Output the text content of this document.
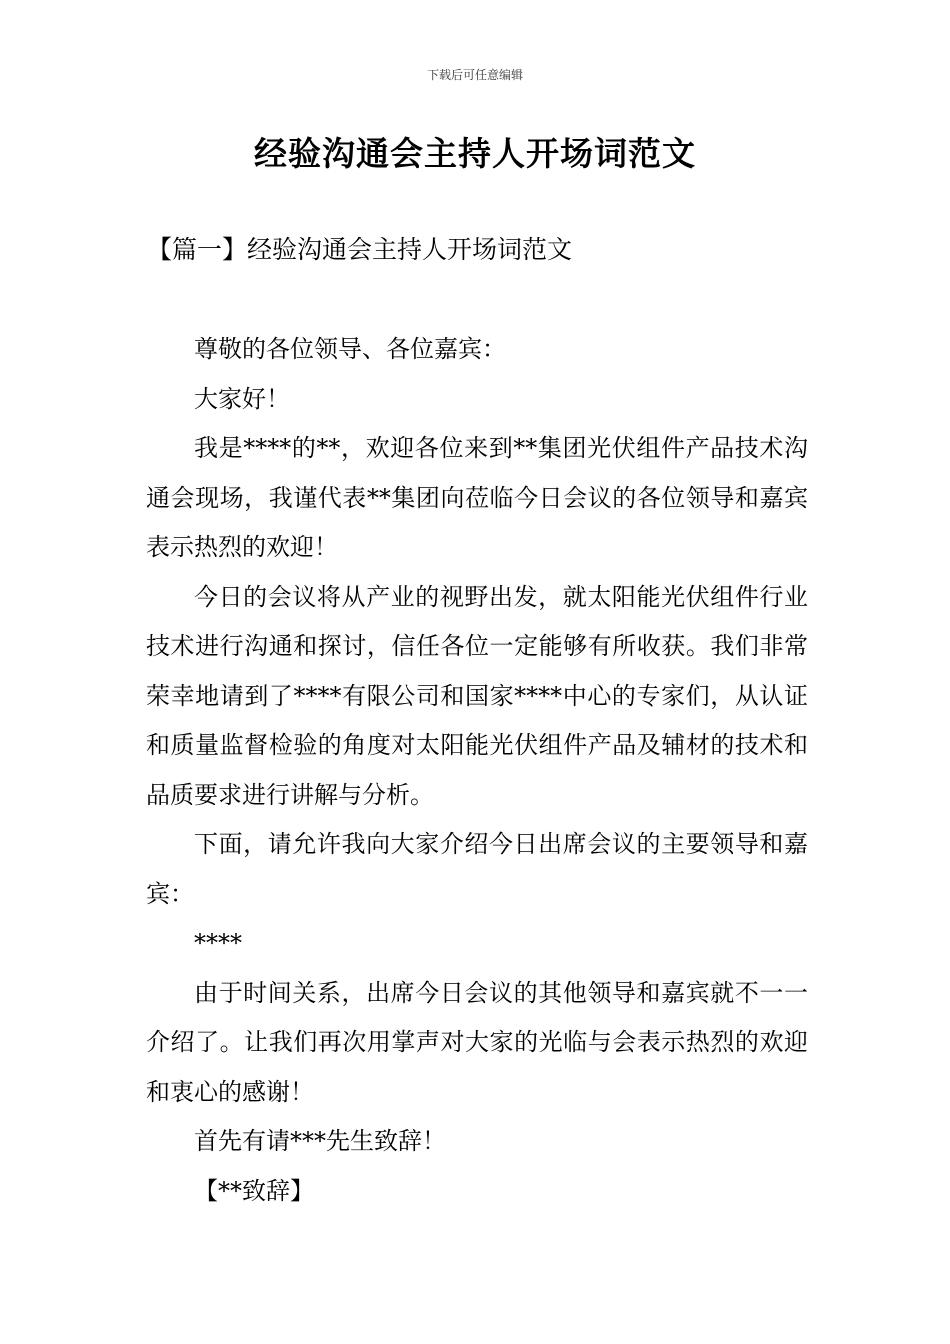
下载后可任意编辑
经验沟通会主持人开场词范文
【篇一】经验沟通会主持人开场词范文

尊敬的各位领导、各位嘉宾：

大家好！

我是****的**，欢迎各位来到**集团光伏组件产品技术沟通会现场，我谨代表**集团向莅临今日会议的各位领导和嘉宾表示热烈的欢迎！

今日的会议将从产业的视野出发，就太阳能光伏组件行业技术进行沟通和探讨，信任各位一定能够有所收获。我们非常荣幸地请到了****有限公司和国家****中心的专家们，从认证和质量监督检验的角度对太阳能光伏组件产品及辅材的技术和品质要求进行讲解与分析。

下面，请允许我向大家介绍今日出席会议的主要领导和嘉宾：

****

由于时间关系，出席今日会议的其他领导和嘉宾就不一一介绍了。让我们再次用掌声对大家的光临与会表示热烈的欢迎和衷心的感谢！

首先有请***先生致辞！

【**致辞】
